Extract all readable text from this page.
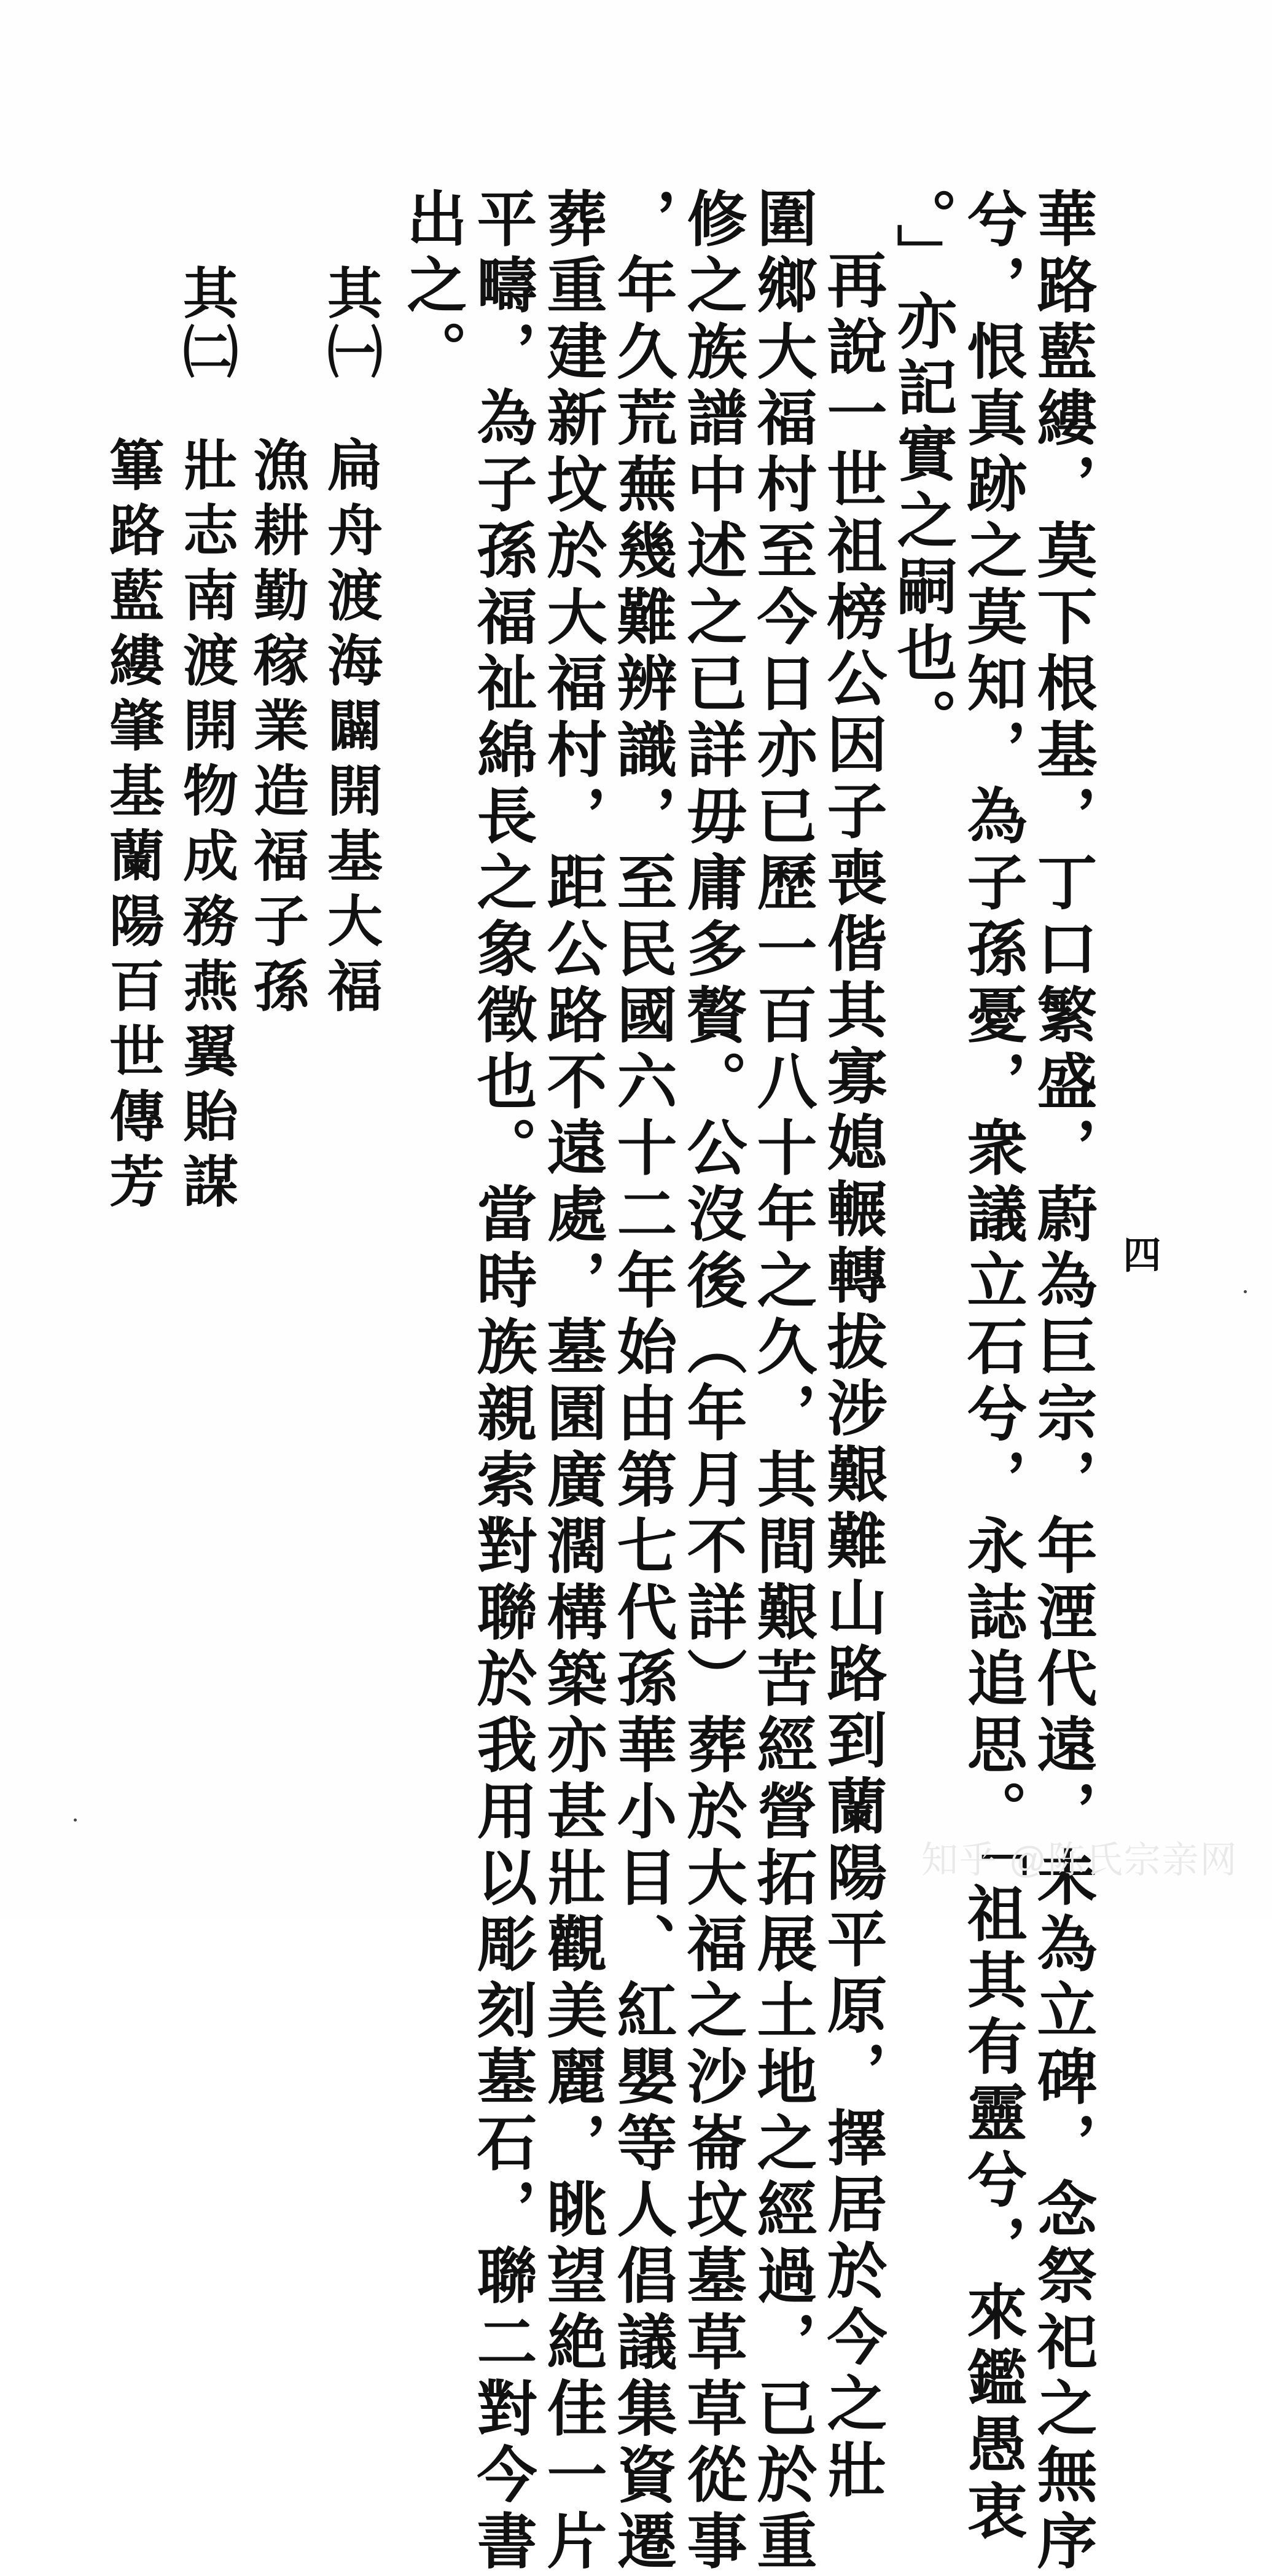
四
華路藍縷，莫下根基，丁口繁盛，蔚為巨宗，年湮代遠，未為立碑，念祭祀之無序
兮，恨真跡之莫知，為子孫憂，衆議立石兮，永誌追思。「祖其有靈兮，來鑑愚衷
。」亦記實之嗣也。
再說一世祖榜公因子喪偕其寡媳輾轉拔涉艱難山路到蘭陽平原，擇居於今之壯
圍鄉大福村至今日亦已歷一百八十年之久，其間艱苦經營拓展土地之經過，已於重
修之族譜中述之已詳毋庸多贅。公沒後（年月不詳）葬於大福之沙崙坟墓草草從事
，年久荒蕪幾難辨識，至民國六十二年始由第七代孫華小目、紅嬰等人倡議集資遷
葬重建新坟於大福村，距公路不遠處，墓園廣濶構築亦甚壯觀美麗，眺望絶佳一片
平疇，為子孫福祉綿長之象徵也。當時族親索對聯於我用以彫刻墓石，聯二對今書
出之。
其㈠
扁舟渡海闢開基大福
漁耕勤稼業造福子孫
其㈡
壯志南渡開物成務燕翼貽謀
篳路藍縷肇基蘭陽百世傳芳
知乎 @陈氏宗亲网
